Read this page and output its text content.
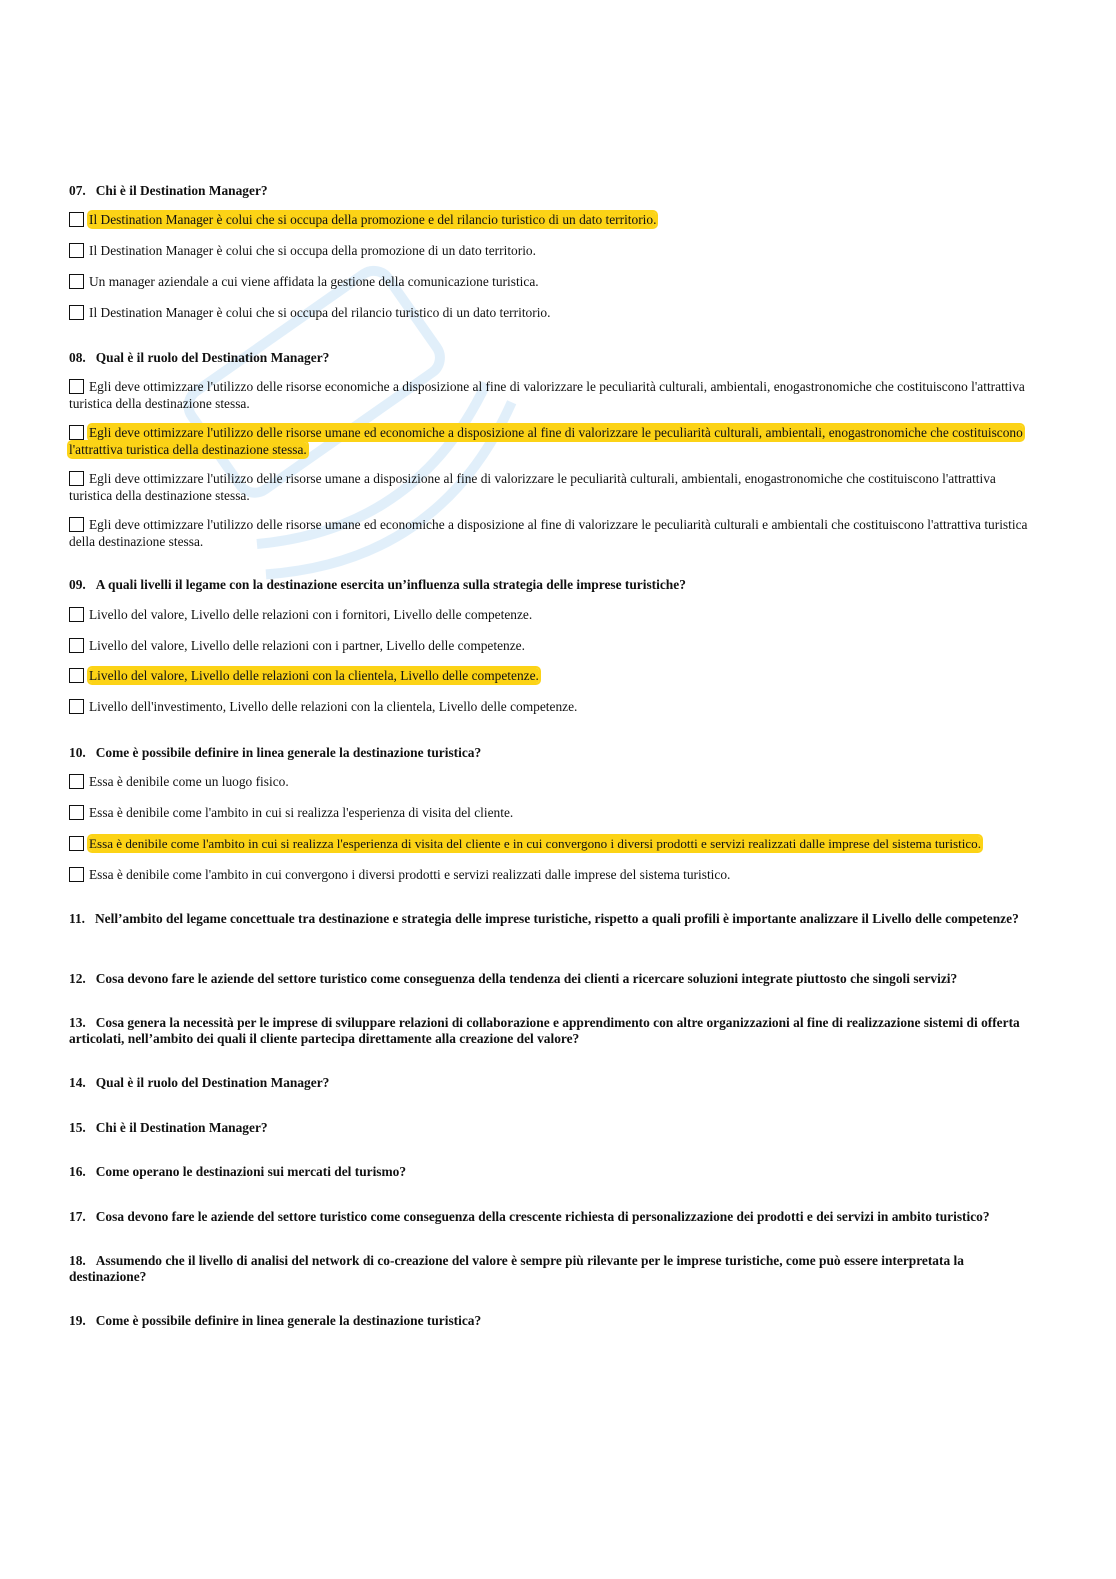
07. Chi è il Destination Manager?
Il Destination Manager è colui che si occupa della promozione e del rilancio turistico di un dato territorio.
Il Destination Manager è colui che si occupa della promozione di un dato territorio.
Un manager aziendale a cui viene affidata la gestione della comunicazione turistica.
Il Destination Manager è colui che si occupa del rilancio turistico di un dato territorio.
08. Qual è il ruolo del Destination Manager?
Egli deve ottimizzare l'utilizzo delle risorse economiche a disposizione al fine di valorizzare le peculiarità culturali, ambientali, enogastronomiche che costituiscono l'attrattiva turistica della destinazione stessa.
Egli deve ottimizzare l'utilizzo delle risorse umane ed economiche a disposizione al fine di valorizzare le peculiarità culturali, ambientali, enogastronomiche che costituiscono l'attrattiva turistica della destinazione stessa.
Egli deve ottimizzare l'utilizzo delle risorse umane a disposizione al fine di valorizzare le peculiarità culturali, ambientali, enogastronomiche che costituiscono l'attrattiva turistica della destinazione stessa.
Egli deve ottimizzare l'utilizzo delle risorse umane ed economiche a disposizione al fine di valorizzare le peculiarità culturali e ambientali che costituiscono l'attrattiva turistica della destinazione stessa.
09. A quali livelli il legame con la destinazione esercita un’influenza sulla strategia delle imprese turistiche?
Livello del valore, Livello delle relazioni con i fornitori, Livello delle competenze.
Livello del valore, Livello delle relazioni con i partner, Livello delle competenze.
Livello del valore, Livello delle relazioni con la clientela, Livello delle competenze.
Livello dell'investimento, Livello delle relazioni con la clientela, Livello delle competenze.
10. Come è possibile definire in linea generale la destinazione turistica?
Essa è denibile come un luogo fisico.
Essa è denibile come l'ambito in cui si realizza l'esperienza di visita del cliente.
Essa è denibile come l'ambito in cui si realizza l'esperienza di visita del cliente e in cui convergono i diversi prodotti e servizi realizzati dalle imprese del sistema turistico.
Essa è denibile come l'ambito in cui convergono i diversi prodotti e servizi realizzati dalle imprese del sistema turistico.
11. Nell’ambito del legame concettuale tra destinazione e strategia delle imprese turistiche, rispetto a quali profili è importante analizzare il Livello delle competenze?
12. Cosa devono fare le aziende del settore turistico come conseguenza della tendenza dei clienti a ricercare soluzioni integrate piuttosto che singoli servizi?
13. Cosa genera la necessità per le imprese di sviluppare relazioni di collaborazione e apprendimento con altre organizzazioni al fine di realizzazione sistemi di offerta articolati, nell’ambito dei quali il cliente partecipa direttamente alla creazione del valore?
14. Qual è il ruolo del Destination Manager?
15. Chi è il Destination Manager?
16. Come operano le destinazioni sui mercati del turismo?
17. Cosa devono fare le aziende del settore turistico come conseguenza della crescente richiesta di personalizzazione dei prodotti e dei servizi in ambito turistico?
18. Assumendo che il livello di analisi del network di co-creazione del valore è sempre più rilevante per le imprese turistiche, come può essere interpretata la destinazione?
19. Come è possibile definire in linea generale la destinazione turistica?
